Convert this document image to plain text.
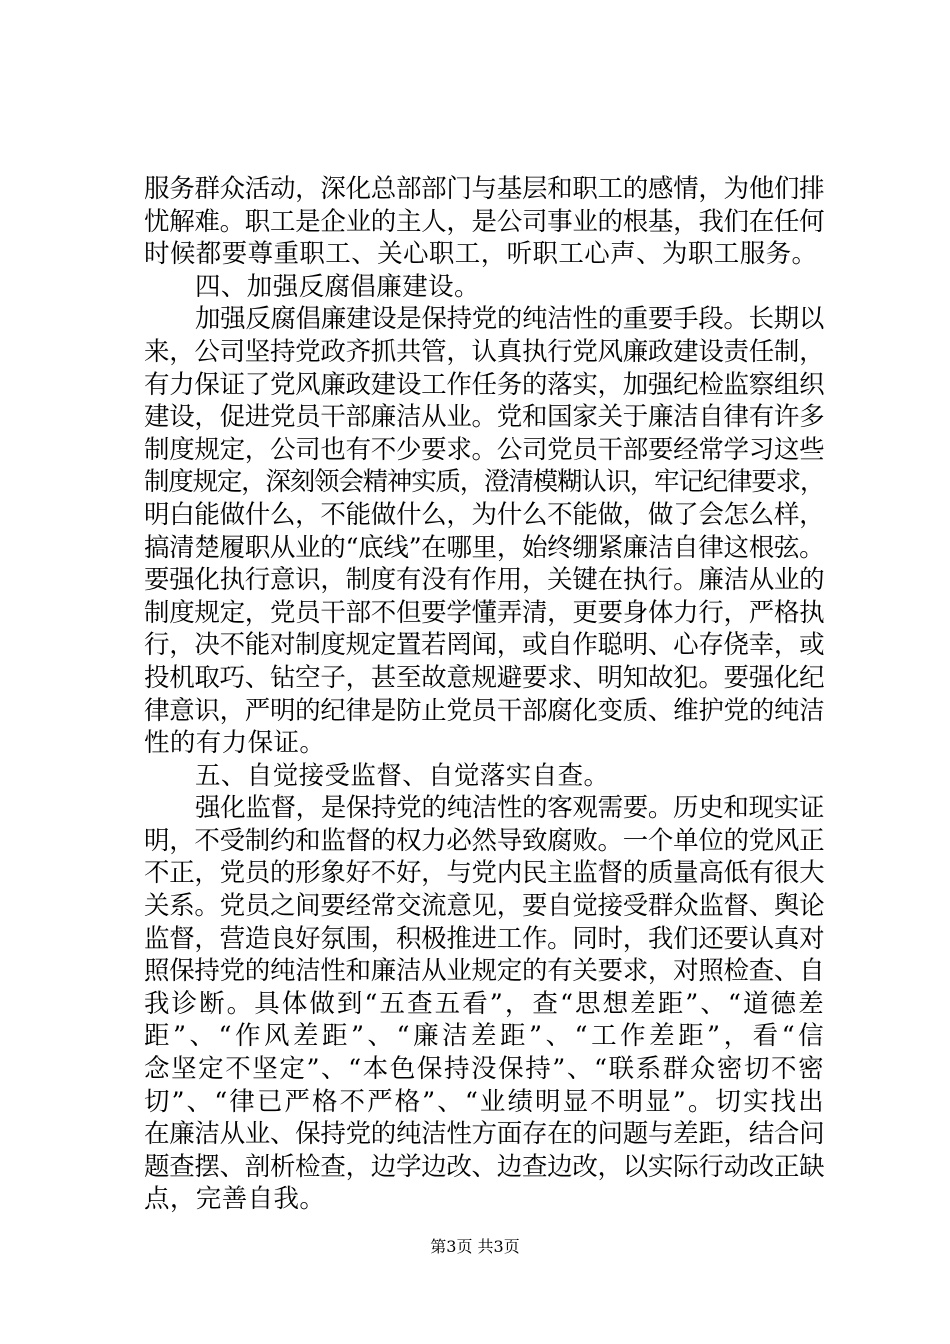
服务群众活动，深化总部部门与基层和职工的感情，为他们排
忧解难。职工是企业的主人，是公司事业的根基，我们在任何
时候都要尊重职工、关心职工，听职工心声、为职工服务。
四、加强反腐倡廉建设。
加强反腐倡廉建设是保持党的纯洁性的重要手段。长期以
来，公司坚持党政齐抓共管，认真执行党风廉政建设责任制，
有力保证了党风廉政建设工作任务的落实，加强纪检监察组织
建设，促进党员干部廉洁从业。党和国家关于廉洁自律有许多
制度规定，公司也有不少要求。公司党员干部要经常学习这些
制度规定，深刻领会精神实质，澄清模糊认识，牢记纪律要求，
明白能做什么，不能做什么，为什么不能做，做了会怎么样，
搞清楚履职从业的“底线”在哪里，始终绷紧廉洁自律这根弦。
要强化执行意识，制度有没有作用，关键在执行。廉洁从业的
制度规定，党员干部不但要学懂弄清，更要身体力行，严格执
行，决不能对制度规定置若罔闻，或自作聪明、心存侥幸，或
投机取巧、钻空子，甚至故意规避要求、明知故犯。要强化纪
律意识，严明的纪律是防止党员干部腐化变质、维护党的纯洁
性的有力保证。
五、自觉接受监督、自觉落实自查。
强化监督，是保持党的纯洁性的客观需要。历史和现实证
明，不受制约和监督的权力必然导致腐败。一个单位的党风正
不正，党员的形象好不好，与党内民主监督的质量高低有很大
关系。党员之间要经常交流意见，要自觉接受群众监督、舆论
监督，营造良好氛围，积极推进工作。同时，我们还要认真对
照保持党的纯洁性和廉洁从业规定的有关要求，对照检查、自
我诊断。具体做到“五查五看”，查“思想差距”、“道德差
距”、“作风差距”、“廉洁差距”、“工作差距”，看“信
念坚定不坚定”、“本色保持没保持”、“联系群众密切不密
切”、“律已严格不严格”、“业绩明显不明显”。切实找出
在廉洁从业、保持党的纯洁性方面存在的问题与差距，结合问
题查摆、剖析检查，边学边改、边查边改，以实际行动改正缺
点，完善自我。
第3页 共3页
